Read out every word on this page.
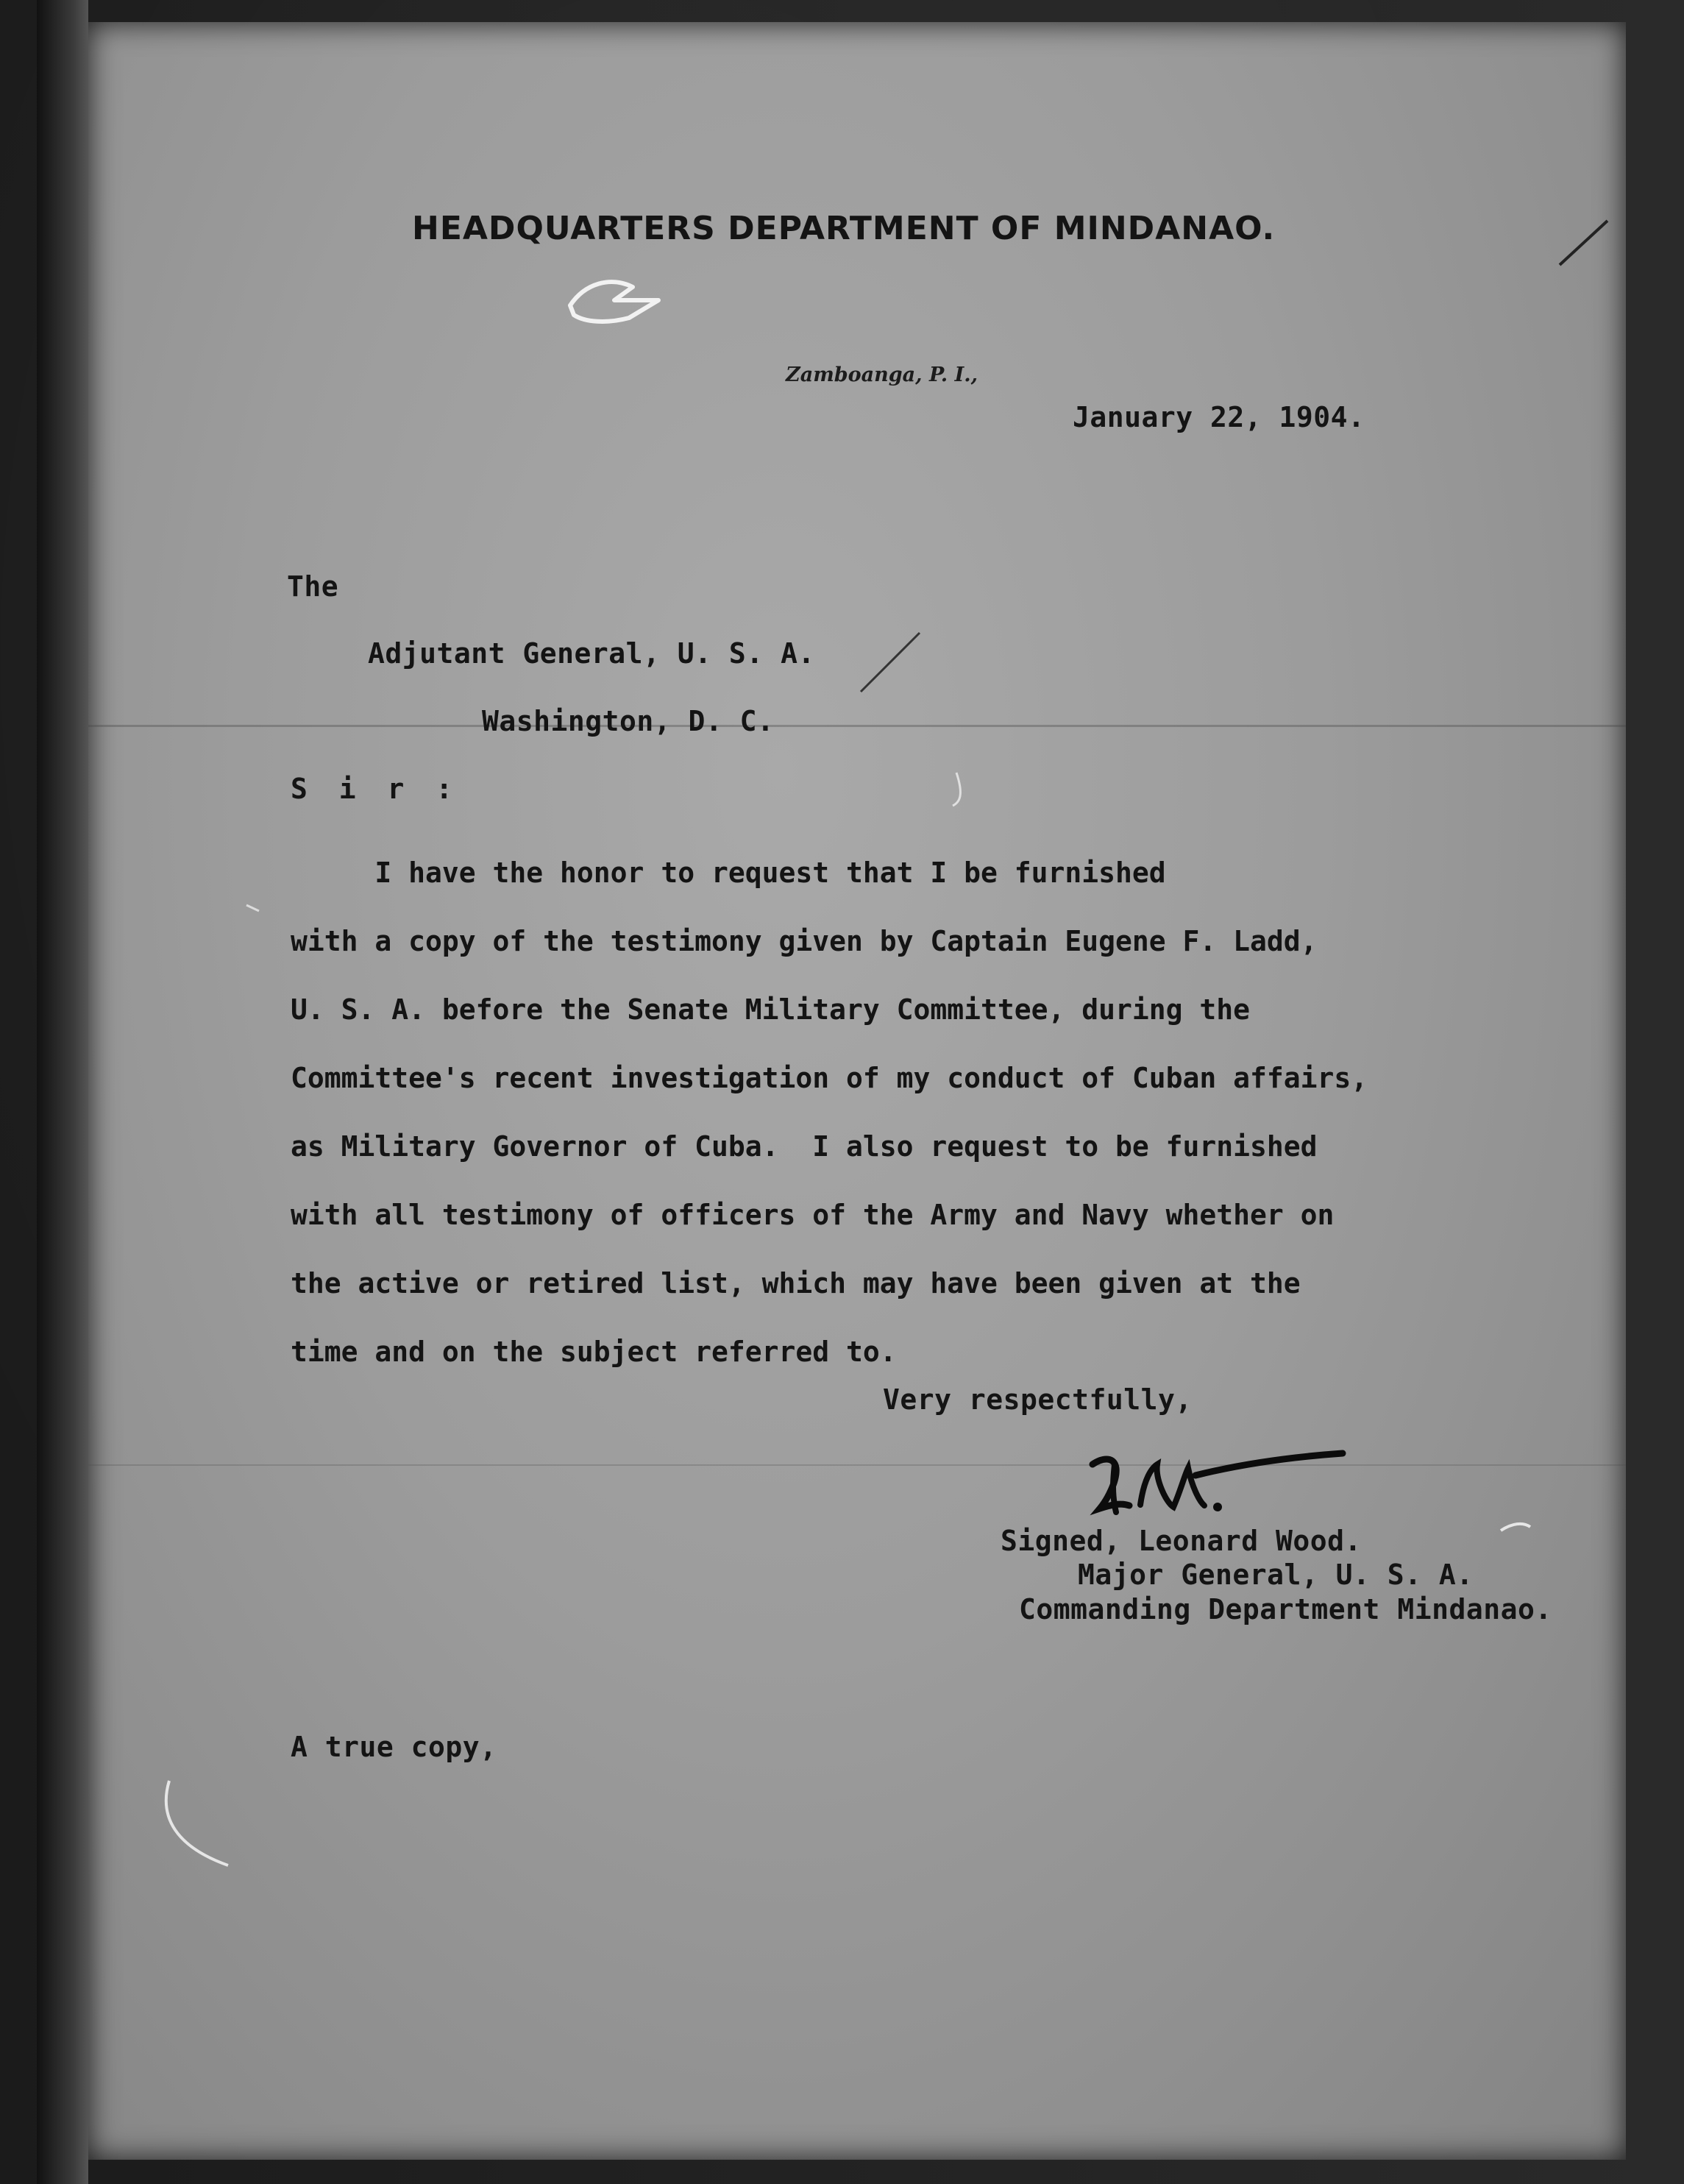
HEADQUARTERS DEPARTMENT OF MINDANAO.
Zamboanga, P. I.,
January 22, 1904.
The
Adjutant General, U. S. A.
Washington, D. C.
S i r :
I have the honor to request that I be furnished
with a copy of the testimony given by Captain Eugene F. Ladd,
U. S. A. before the Senate Military Committee, during the
Committee's recent investigation of my conduct of Cuban affairs,
as Military Governor of Cuba.  I also request to be furnished
with all testimony of officers of the Army and Navy whether on
the active or retired list, which may have been given at the
time and on the subject referred to.
Very respectfully,
Signed, Leonard Wood.
Major General, U. S. A.
Commanding Department Mindanao.
A true copy,
